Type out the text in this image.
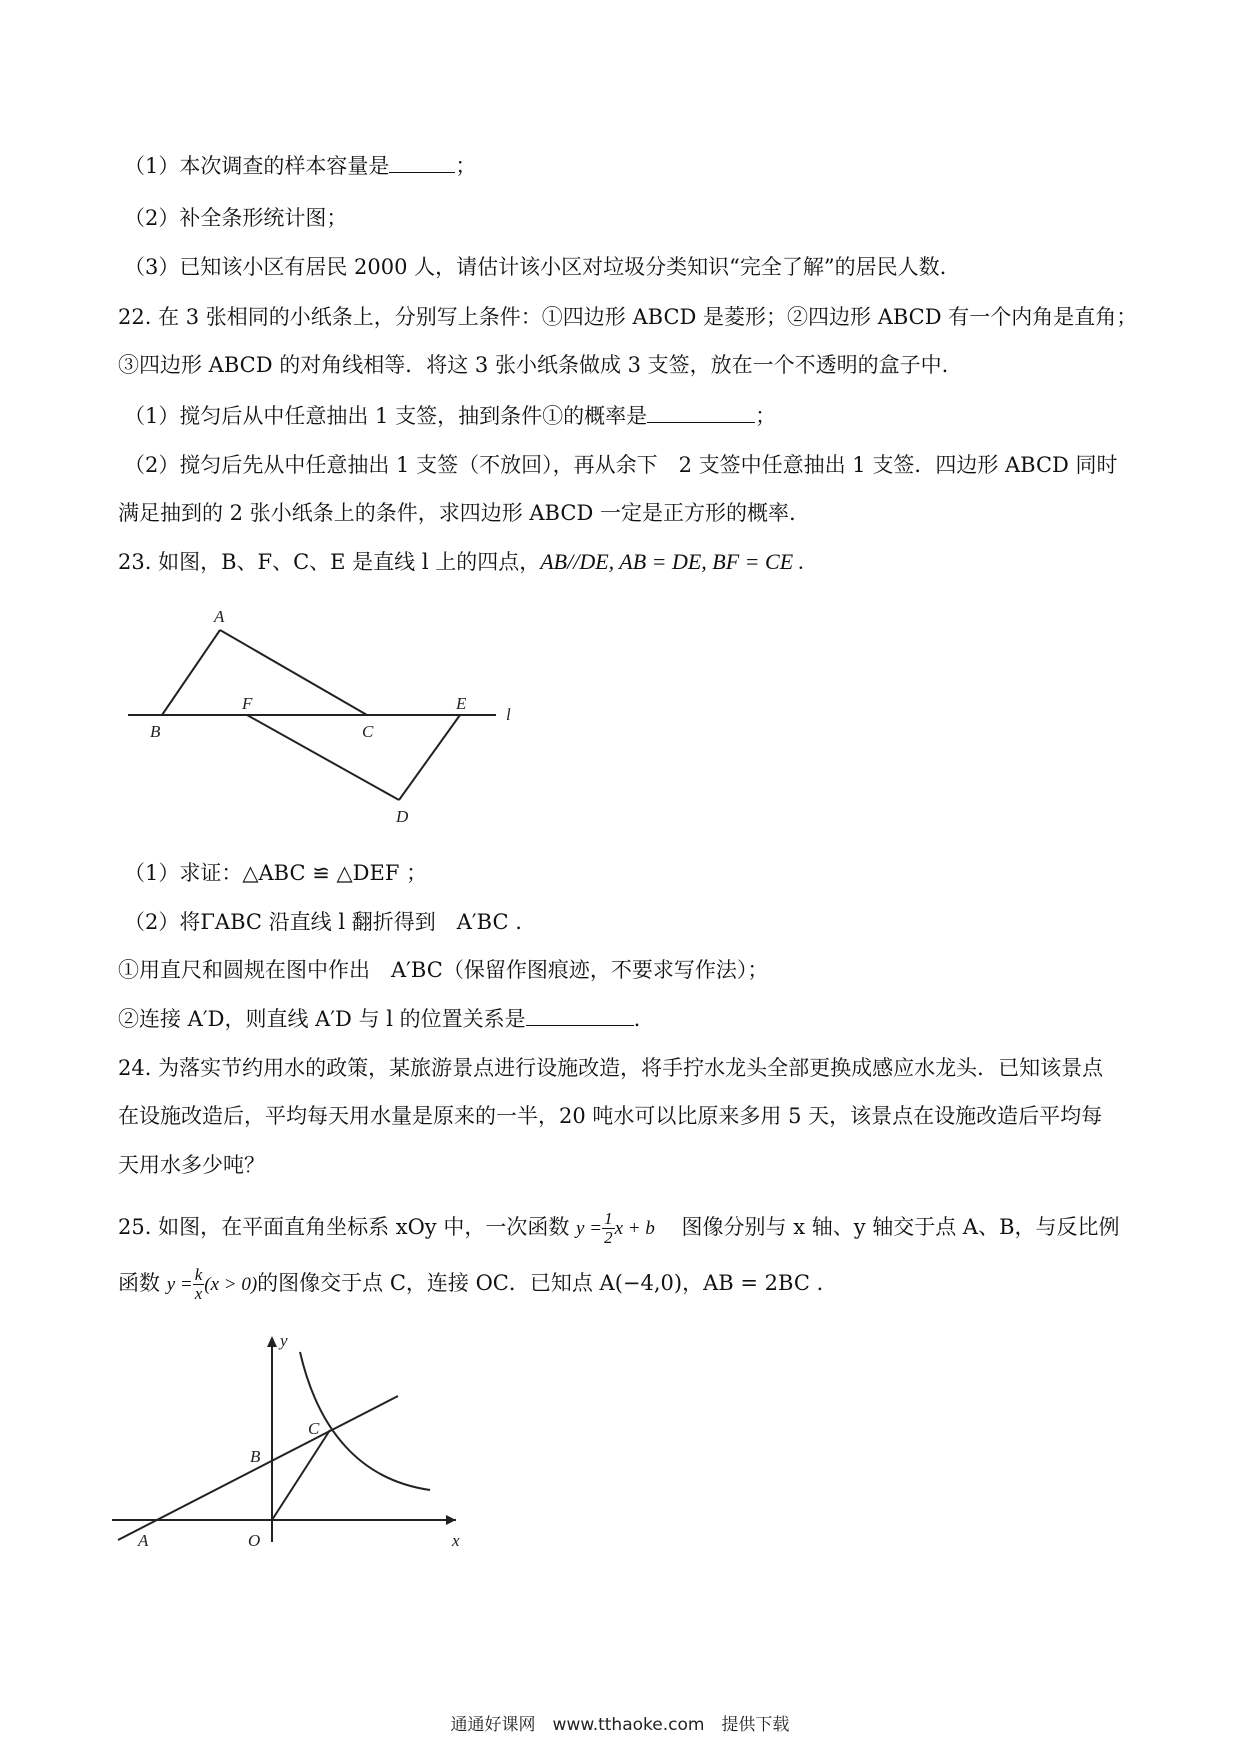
（1）本次调查的样本容量是	；
（2）补全条形统计图；
（3）已知该小区有居民 2000 人，请估计该小区对垃圾分类知识“完全了解”的居民人数.
22. 在 3 张相同的小纸条上，分别写上条件：①四边形 ABCD 是菱形；②四边形 ABCD 有一个内角是直角；
③四边形 ABCD 的对角线相等．将这 3 张小纸条做成 3 支签，放在一个不透明的盒子中.
（1）搅匀后从中任意抽出 1 支签，抽到条件①的概率是	；
（2）搅匀后先从中任意抽出 1 支签（不放回），再从余下　2 支签中任意抽出 1 支签．四边形 ABCD 同时
满足抽到的 2 张小纸条上的条件，求四边形 ABCD 一定是正方形的概率.
23. 如图，B、F、C、E 是直线 l 上的四点，AB//DE, AB = DE, BF = CE .
A
B
F
C
E
D
l
y
C
B
A	O	x
（1）求证：△ABC ≌ △DEF ；
（2）将ΓABC 沿直线 l 翻折得到　A′BC .
①用直尺和圆规在图中作出　A′BC（保留作图痕迹，不要求写作法）；
②连接 A′D，则直线 A′D 与 l 的位置关系是	.
24. 为落实节约用水的政策，某旅游景点进行设施改造，将手拧水龙头全部更换成感应水龙头．已知该景点
在设施改造后，平均每天用水量是原来的一半，20 吨水可以比原来多用 5 天，该景点在设施改造后平均每
天用水多少吨？
25. 如图，在平面直角坐标系 xOy 中，一次函数 $y = \frac{1}{2}$ x + b 图像分别与 x 轴、y 轴交于点 A、B，与反比例
函数 $y = \frac{k}{x} (x > 0)$的图像交于点 C，连接 OC．已知点 A(−4,0)，AB = 2BC .
通通好课网　www.tthaoke.com　提供下载
